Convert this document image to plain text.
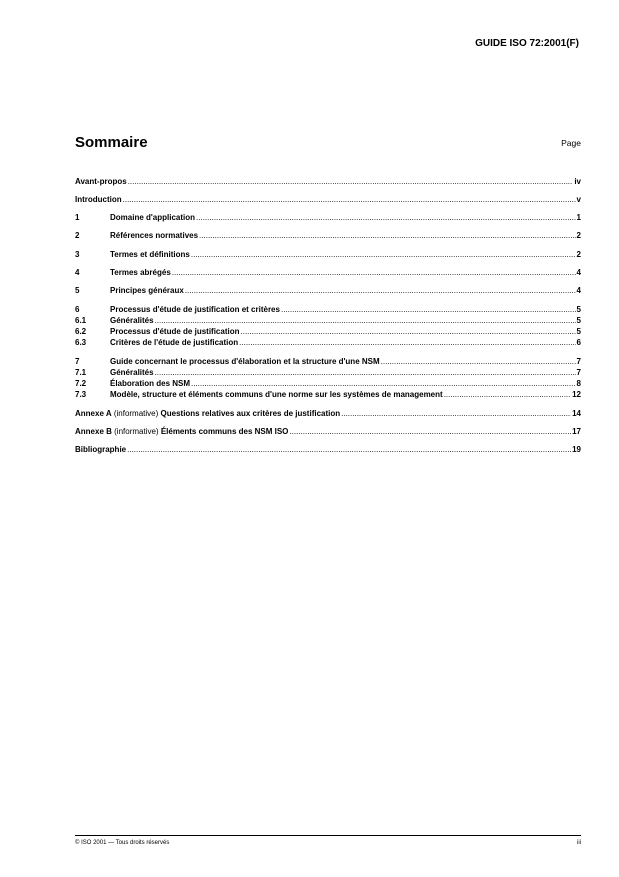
GUIDE ISO 72:2001(F)
Sommaire	Page
Avant-propos .....	iv
Introduction .....	v
1	Domaine d'application .....	1
2	Références normatives .....	2
3	Termes et définitions .....	2
4	Termes abrégés .....	4
5	Principes généraux .....	4
6	Processus d'étude de justification et critères .....	5
6.1	Généralités .....	5
6.2	Processus d'étude de justification .....	5
6.3	Critères de l'étude de justification .....	6
7	Guide concernant le processus d'élaboration et la structure d'une NSM .....	7
7.1	Généralités .....	7
7.2	Élaboration des NSM .....	8
7.3	Modèle, structure et éléments communs d'une norme sur les systèmes de management .....	12
Annexe A (informative) Questions relatives aux critères de justification .....	14
Annexe B (informative) Éléments communs des NSM ISO .....	17
Bibliographie .....	19
© ISO 2001 — Tous droits réservés	iii
